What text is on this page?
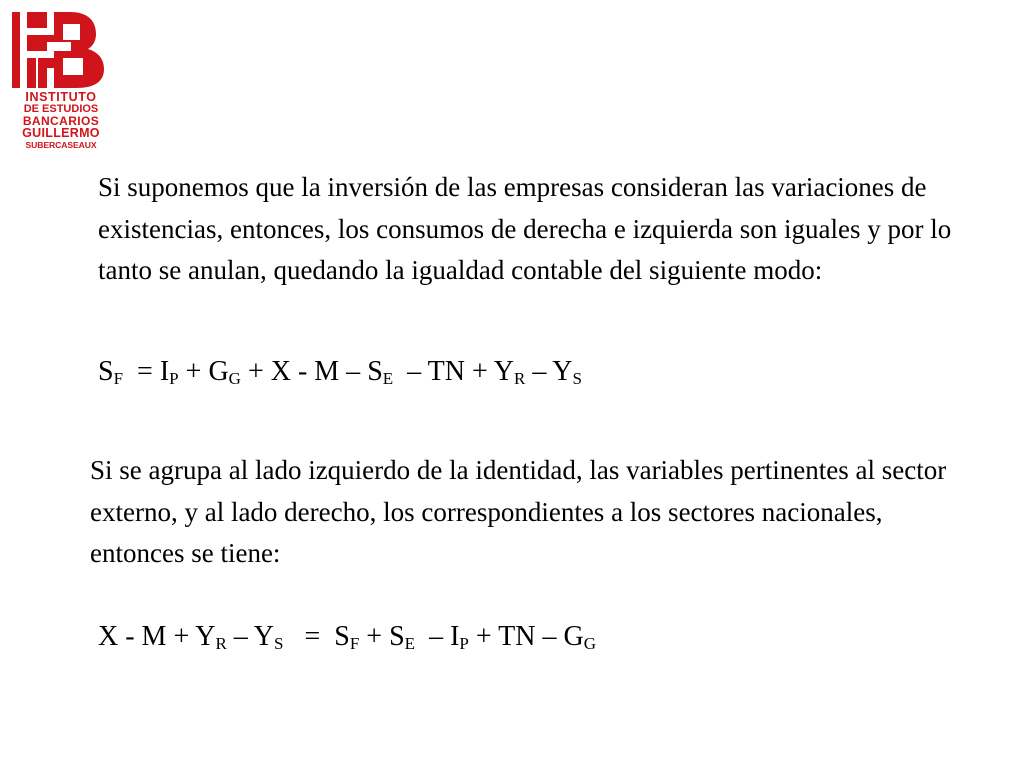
INSTITUTO
DE ESTUDIOS
BANCARIOS
GUILLERMO
SUBERCASEAUX

Si suponemos que la inversión de las empresas consideran las variaciones de existencias, entonces, los consumos de derecha e izquierda son iguales y por lo tanto se anulan, quedando la igualdad contable del siguiente modo:

$S_F = I_P + G_G + X - M - S_E$  – TN + $Y_R - Y_S$

Si se agrupa al lado izquierdo de la identidad, las variables pertinentes al sector externo, y al lado derecho, los correspondientes a los sectores nacionales, entonces se tiene:

$X - M + Y_R - Y_S = S_F + S_E - I_P$ + TN – $G_G$
